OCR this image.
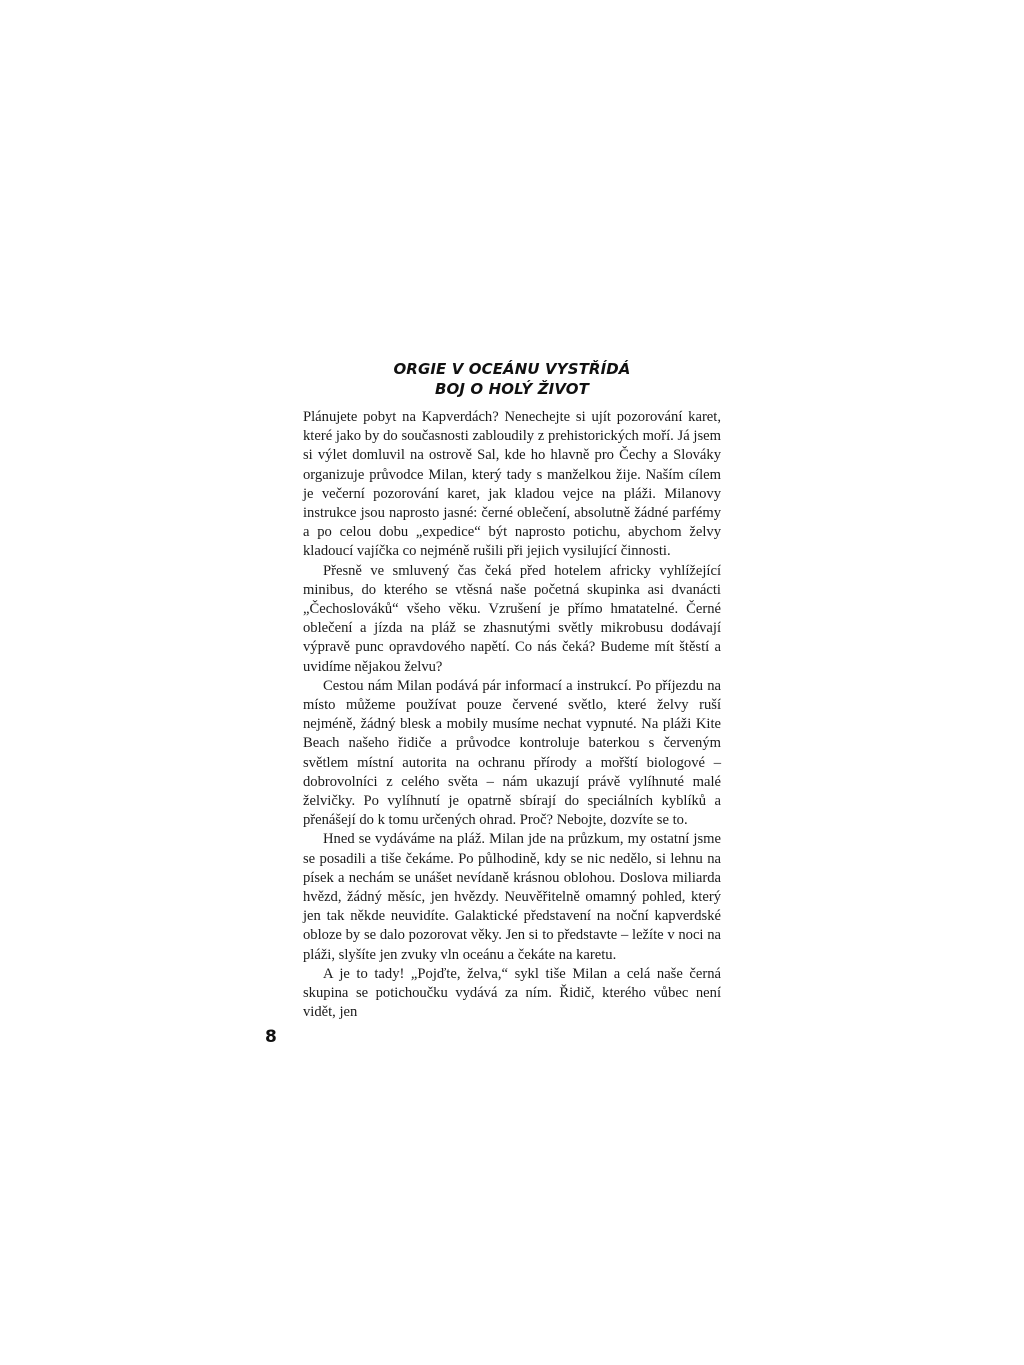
ORGIE V OCEÁNU VYSTŘÍDÁ
BOJ O HOLÝ ŽIVOT

Plánujete pobyt na Kapverdách? Nenechejte si ujít pozorování karet, které jako by do současnosti zabloudily z prehistorických moří. Já jsem si výlet domluvil na ostrově Sal, kde ho hlavně pro Čechy a Slováky organizuje průvodce Milan, který tady s manželkou žije. Naším cílem je večerní pozorování karet, jak kladou vejce na pláži. Milanovy instrukce jsou naprosto jasné: černé oblečení, absolutně žádné parfémy a po celou dobu „expedice“ být naprosto potichu, abychom želvy kladoucí vajíčka co nejméně rušili při jejich vysilující činnosti.

Přesně ve smluvený čas čeká před hotelem africky vyhlížející minibus, do kterého se vtěsná naše početná skupinka asi dvanácti „Čechoslováků“ všeho věku. Vzrušení je přímo hmatatelné. Černé oblečení a jízda na pláž se zhasnutými světly mikrobusu dodávají výpravě punc opravdového napětí. Co nás čeká? Budeme mít štěstí a uvidíme nějakou želvu?

Cestou nám Milan podává pár informací a instrukcí. Po příjezdu na místo můžeme používat pouze červené světlo, které želvy ruší nejméně, žádný blesk a mobily musíme nechat vypnuté. Na pláži Kite Beach našeho řidiče a průvodce kontroluje baterkou s červeným světlem místní autorita na ochranu přírody a mořští biologové – dobrovolníci z celého světa – nám ukazují právě vylíhnuté malé želvičky. Po vylíhnutí je opatrně sbírají do speciálních kyblíků a přenášejí do k tomu určených ohrad. Proč? Nebojte, dozvíte se to.

Hned se vydáváme na pláž. Milan jde na průzkum, my ostatní jsme se posadili a tiše čekáme. Po půlhodině, kdy se nic nedělo, si lehnu na písek a nechám se unášet nevídaně krásnou oblohou. Doslova miliarda hvězd, žádný měsíc, jen hvězdy. Neuvěřitelně omamný pohled, který jen tak někde neuvidíte. Galaktické představení na noční kapverdské obloze by se dalo pozorovat věky. Jen si to představte – ležíte v noci na pláži, slyšíte jen zvuky vln oceánu a čekáte na karetu.

A je to tady! „Pojďte, želva,“ sykl tiše Milan a celá naše černá skupina se potichoučku vydává za ním. Řidič, kterého vůbec není vidět, jen

8
